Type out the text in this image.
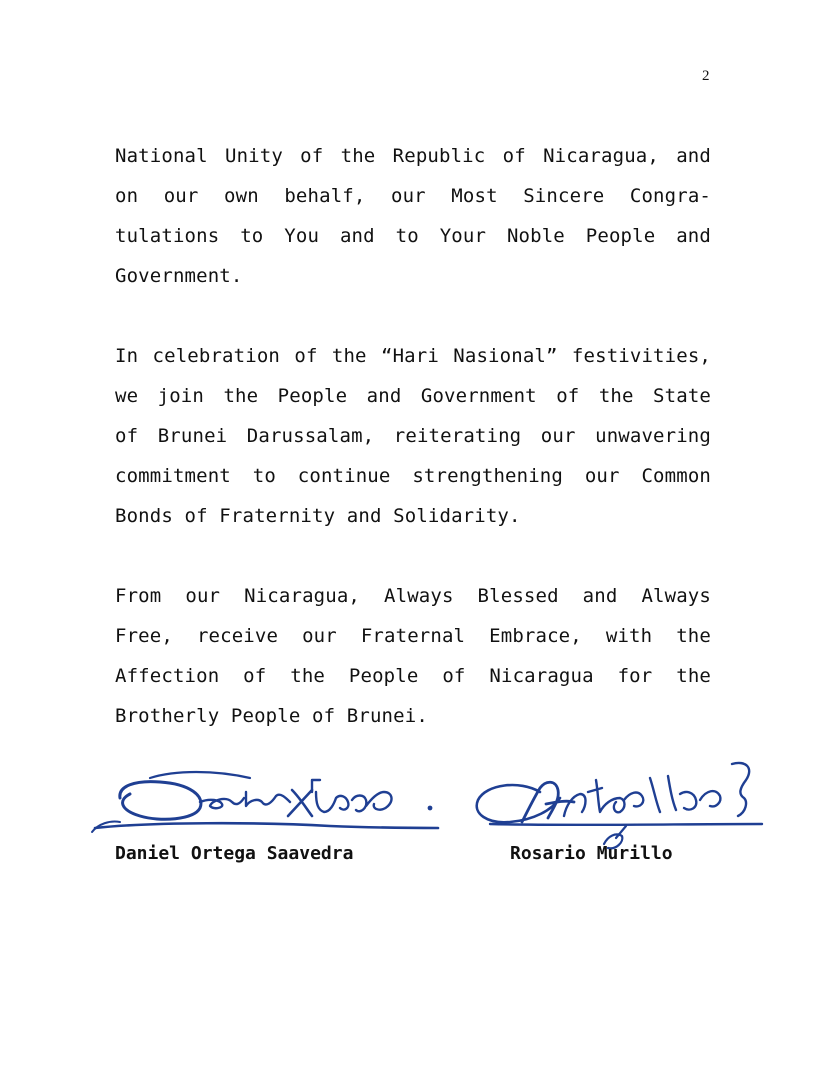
2
National Unity of the Republic of Nicaragua, and
on our own behalf, our Most Sincere Congra-
tulations to You and to Your Noble People and
Government.
In celebration of the “Hari Nasional” festivities,
we join the People and Government of the State
of Brunei Darussalam, reiterating our unwavering
commitment to continue strengthening our Common
Bonds of Fraternity and Solidarity.
From our Nicaragua, Always Blessed and Always
Free, receive our Fraternal Embrace, with the
Affection of the People of Nicaragua for the
Brotherly People of Brunei.
Daniel Ortega Saavedra	Rosario Murillo
